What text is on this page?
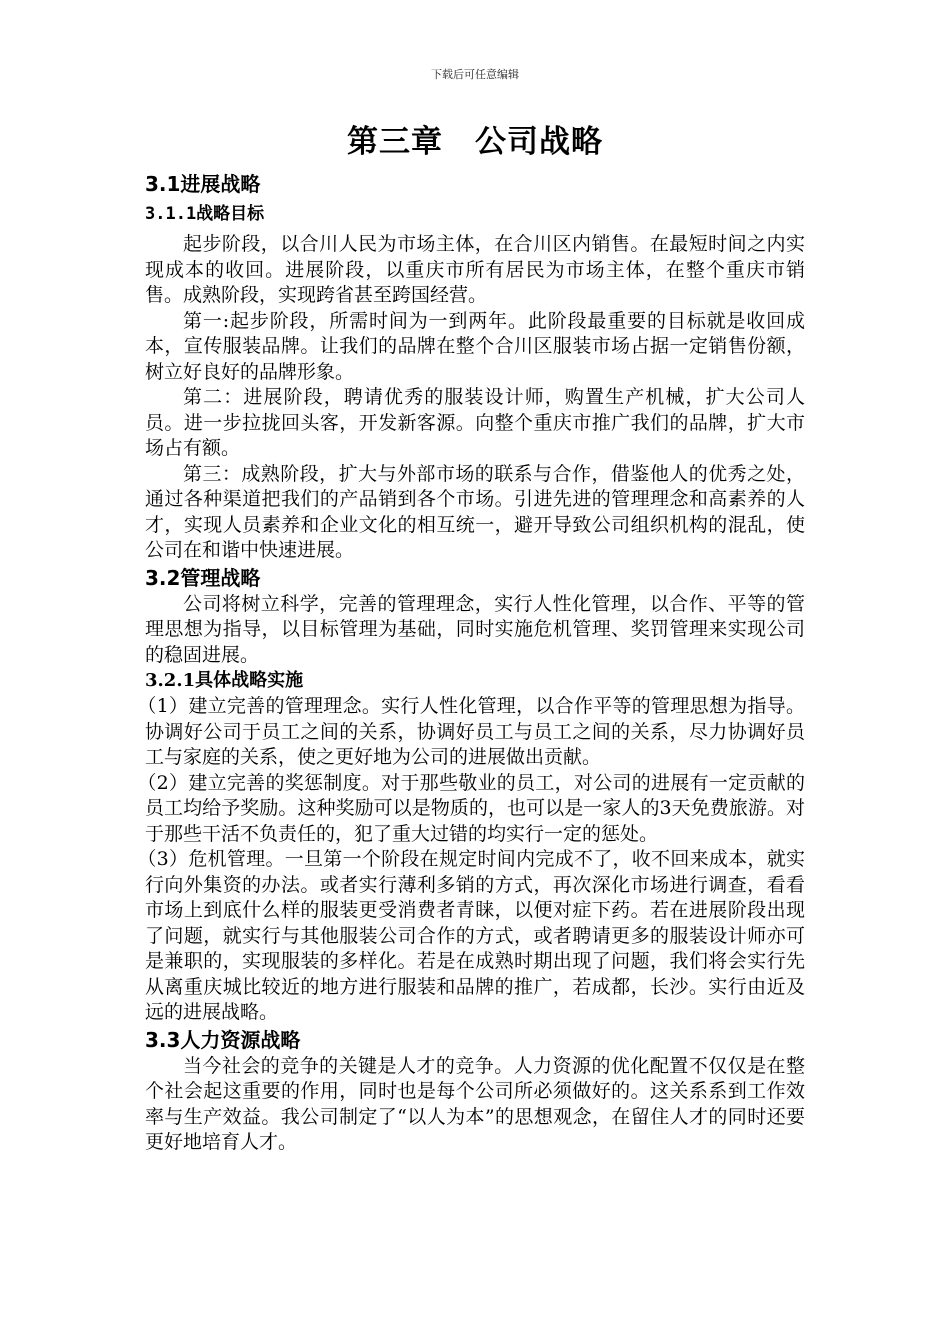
下载后可任意编辑
第三章　公司战略
3.1进展战略
3.1.1战略目标

起步阶段，以合川人民为市场主体，在合川区内销售。在最短时间之内实现成本的收回。进展阶段，以重庆市所有居民为市场主体，在整个重庆市销售。成熟阶段，实现跨省甚至跨国经营。

第一:起步阶段，所需时间为一到两年。此阶段最重要的目标就是收回成本，宣传服装品牌。让我们的品牌在整个合川区服装市场占据一定销售份额，树立好良好的品牌形象。

第二：进展阶段，聘请优秀的服装设计师，购置生产机械，扩大公司人员。进一步拉拢回头客，开发新客源。向整个重庆市推广我们的品牌，扩大市场占有额。

第三：成熟阶段，扩大与外部市场的联系与合作，借鉴他人的优秀之处，通过各种渠道把我们的产品销到各个市场。引进先进的管理理念和高素养的人才，实现人员素养和企业文化的相互统一，避开导致公司组织机构的混乱，使公司在和谐中快速进展。

3.2管理战略

公司将树立科学，完善的管理理念，实行人性化管理，以合作、平等的管理思想为指导，以目标管理为基础，同时实施危机管理、奖罚管理来实现公司的稳固进展。

3.2.1具体战略实施

（1）建立完善的管理理念。实行人性化管理，以合作平等的管理思想为指导。协调好公司于员工之间的关系，协调好员工与员工之间的关系，尽力协调好员工与家庭的关系，使之更好地为公司的进展做出贡献。

（2）建立完善的奖惩制度。对于那些敬业的员工，对公司的进展有一定贡献的员工均给予奖励。这种奖励可以是物质的，也可以是一家人的3天免费旅游。对于那些干活不负责任的，犯了重大过错的均实行一定的惩处。

（3）危机管理。一旦第一个阶段在规定时间内完成不了，收不回来成本，就实行向外集资的办法。或者实行薄利多销的方式，再次深化市场进行调查，看看市场上到底什么样的服装更受消费者青睐，以便对症下药。若在进展阶段出现了问题，就实行与其他服装公司合作的方式，或者聘请更多的服装设计师亦可是兼职的，实现服装的多样化。若是在成熟时期出现了问题，我们将会实行先从离重庆城比较近的地方进行服装和品牌的推广，若成都，长沙。实行由近及远的进展战略。

3.3人力资源战略

当今社会的竞争的关键是人才的竞争。人力资源的优化配置不仅仅是在整个社会起这重要的作用，同时也是每个公司所必须做好的。这关系系到工作效率与生产效益。我公司制定了“以人为本”的思想观念，在留住人才的同时还要更好地培育人才。
